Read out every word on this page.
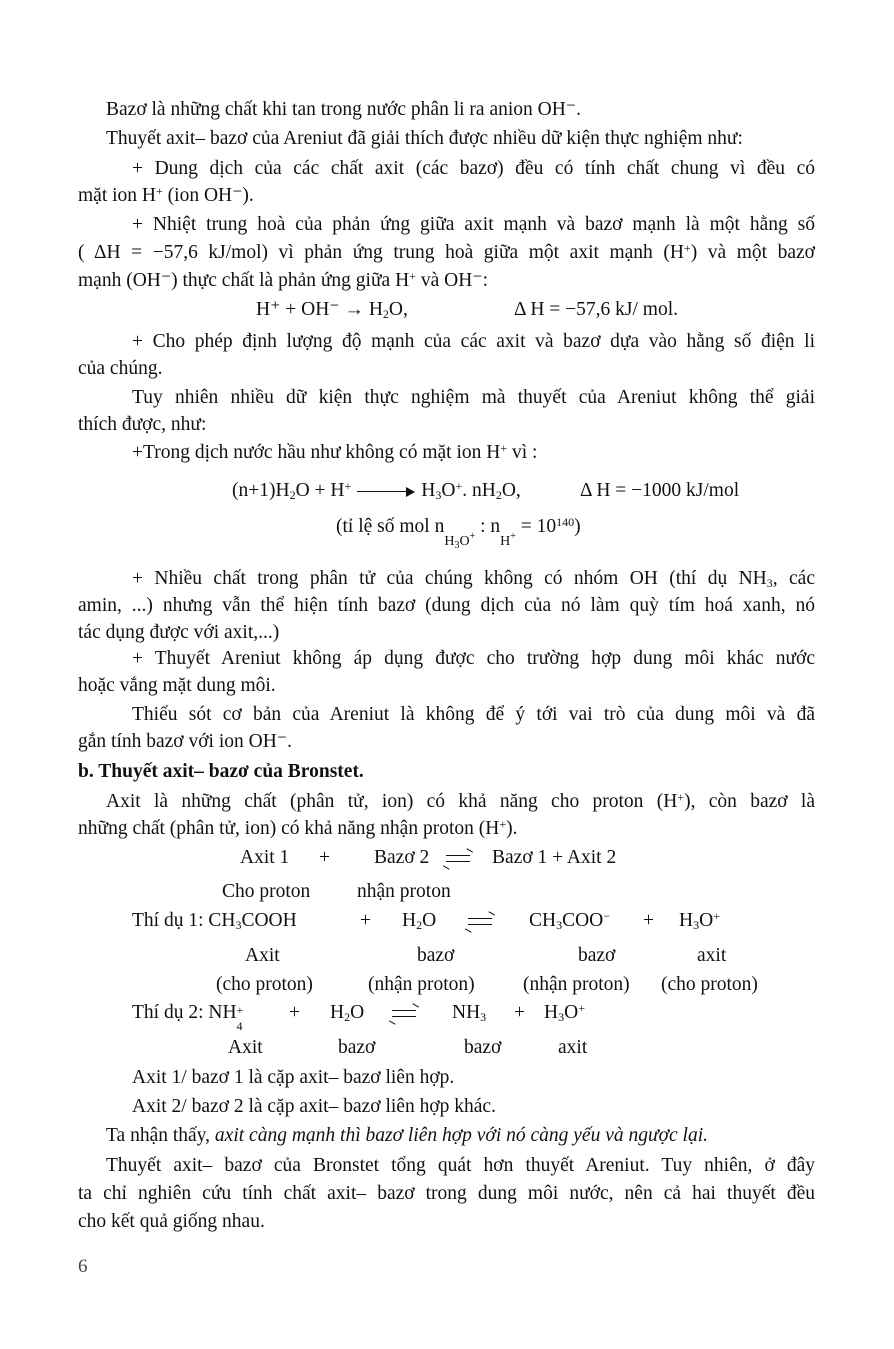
Bazơ là những chất khi tan trong nước phân li ra anion OH⁻.
Thuyết axit– bazơ của Areniut đã giải thích được nhiều dữ kiện thực nghiệm như:
+ Dung dịch của các chất axit (các bazơ) đều có tính chất chung vì đều có
mặt ion H+ (ion OH⁻).
+ Nhiệt trung hoà của phản ứng giữa axit mạnh và bazơ mạnh là một hằng số
( ΔH = −57,6 kJ/mol) vì phản ứng trung hoà giữa một axit mạnh (H+) và một bazơ
mạnh (OH⁻) thực chất là phản ứng giữa H+ và OH⁻:
$H^+ + OH^- \to H_2O$,	Δ H = −57,6 kJ/ mol.
+ Cho phép định lượng độ mạnh của các axit và bazơ dựa vào hằng số điện li
của chúng.
Tuy nhiên nhiều dữ kiện thực nghiệm mà thuyết của Areniut không thể giải
thích được, như:
+Trong dịch nước hầu như không có mặt ion H+ vì :
$(n+1)H_2O + H^+$	$H_3O^+$. $nH_2O$,	Δ H = −1000 kJ/mol
(tỉ lệ số mol $n_{H_3O^+}$ : $n_{H^+} = 10^{140}$)
+ Nhiều chất trong phân tử của chúng không có nhóm OH (thí dụ $NH_3$, các
amin, ...) nhưng vẫn thể hiện tính bazơ (dung dịch của nó làm quỳ tím hoá xanh, nó
tác dụng được với axit,...)
+ Thuyết Areniut không áp dụng được cho trường hợp dung môi khác nước
hoặc vắng mặt dung môi.
Thiếu sót cơ bản của Areniut là không để ý tới vai trò của dung môi và đã
gắn tính bazơ với ion OH⁻.
b. Thuyết axit– bazơ của Bronstet.
Axit là những chất (phân tử, ion) có khả năng cho proton (H+), còn bazơ là
những chất (phân tử, ion) có khả năng nhận proton (H+).
Axit 1 + Bazơ 2 → Bazơ 1 + Axit 2
Cho proton nhận proton
Thí dụ 1: $CH_3COOH$	+ $H_2O$	$CH_3COO^- + H_3O^+$
Axit	bazơ	bazơ	axit
(cho proton)	(nhận proton) (nhận proton) (cho proton)
Thí dụ 2: NH +
4
+ $H_2O$	$NH_3 + H_3O^+$
Axit	bazơ	bazơ	axit
Axit 1/ bazơ 1 là cặp axit– bazơ liên hợp.
Axit 2/ bazơ 2 là cặp axit– bazơ liên hợp khác.
Ta nhận thấy, axit càng mạnh thì bazơ liên hợp với nó càng yếu và ngược lại.
Thuyết axit– bazơ của Bronstet tổng quát hơn thuyết Areniut. Tuy nhiên, ở đây
ta chỉ nghiên cứu tính chất axit– bazơ trong dung môi nước, nên cả hai thuyết đều
cho kết quả giống nhau.
6
